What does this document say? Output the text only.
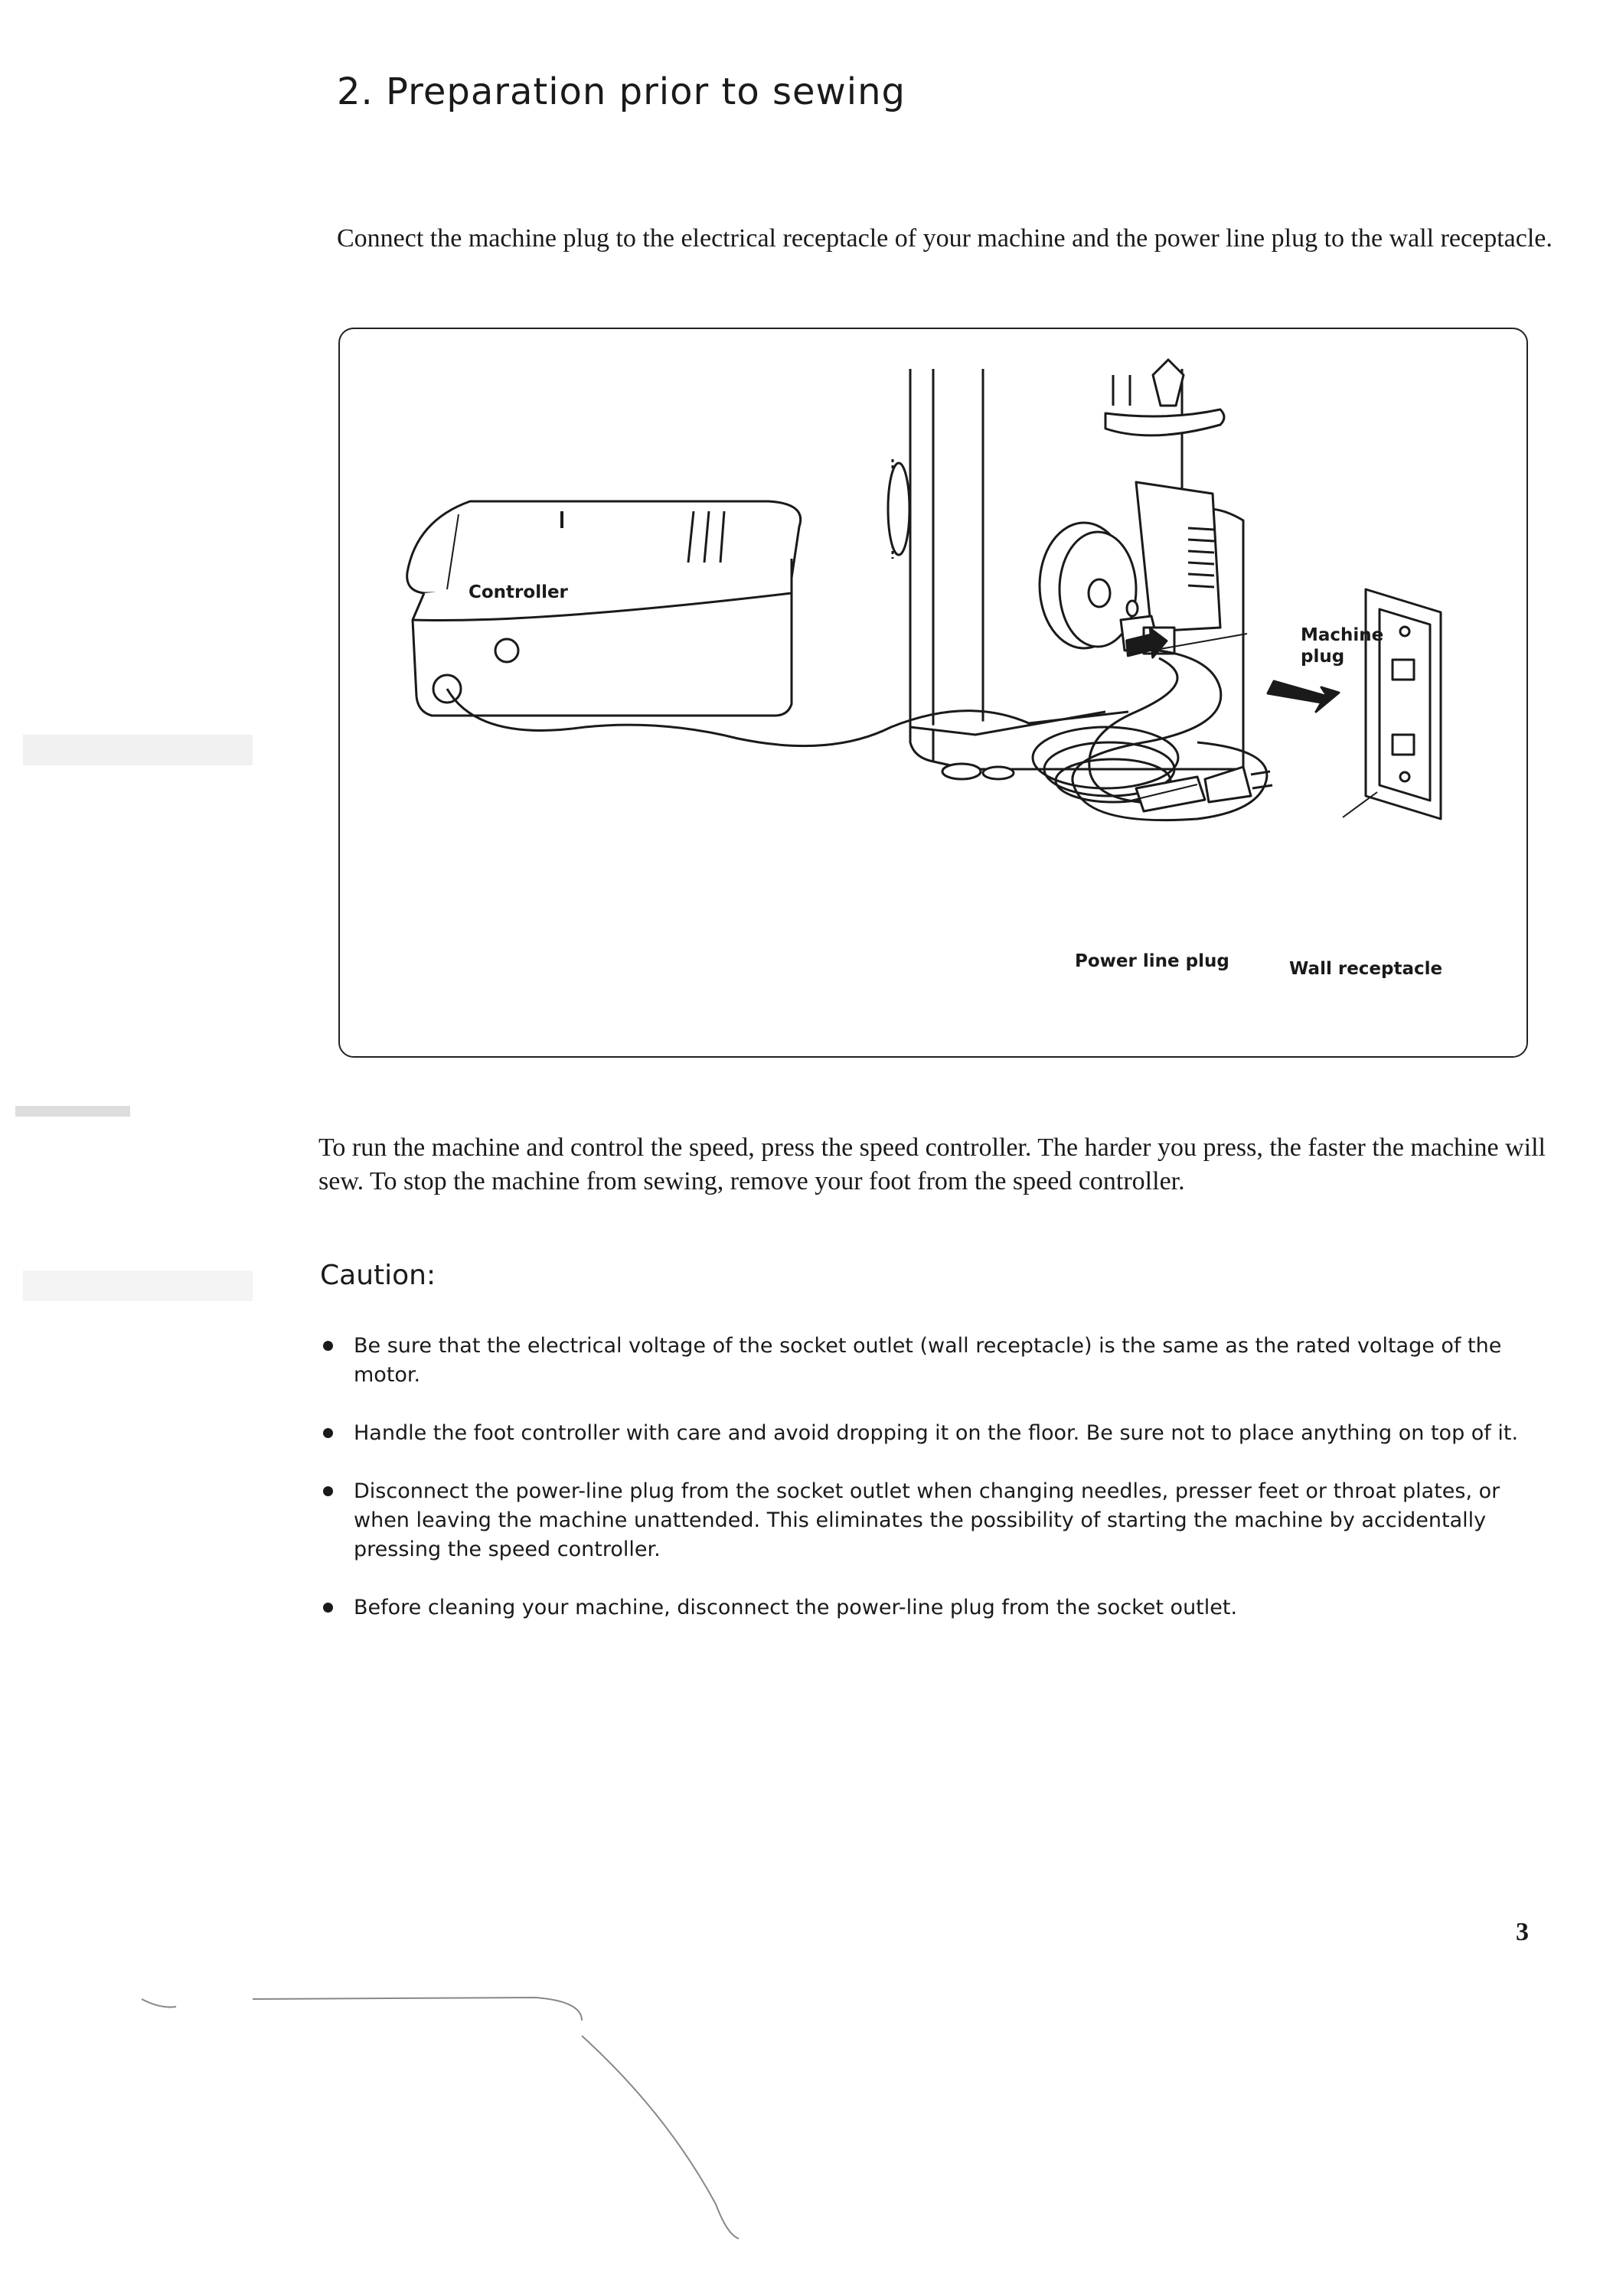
2. Preparation prior to sewing
Connect the machine plug to the electrical receptacle of your machine and the power line plug to the wall receptacle.
Controller
Machine
plug
Power line plug	Wall receptacle
To run the machine and control the speed, press the speed controller. The harder you press, the faster the machine will sew. To stop the machine from sewing, remove your foot from the speed controller.
Caution:
Be sure that the electrical voltage of the socket outlet (wall receptacle) is the same as the rated voltage of the motor.
Handle the foot controller with care and avoid dropping it on the floor. Be sure not to place anything on top of it.
Disconnect the power-line plug from the socket outlet when changing needles, presser feet or throat plates, or when leaving the machine unattended. This eliminates the possibility of starting the machine by accidentally pressing the speed controller.
Before cleaning your machine, disconnect the power-line plug from the socket outlet.
3
